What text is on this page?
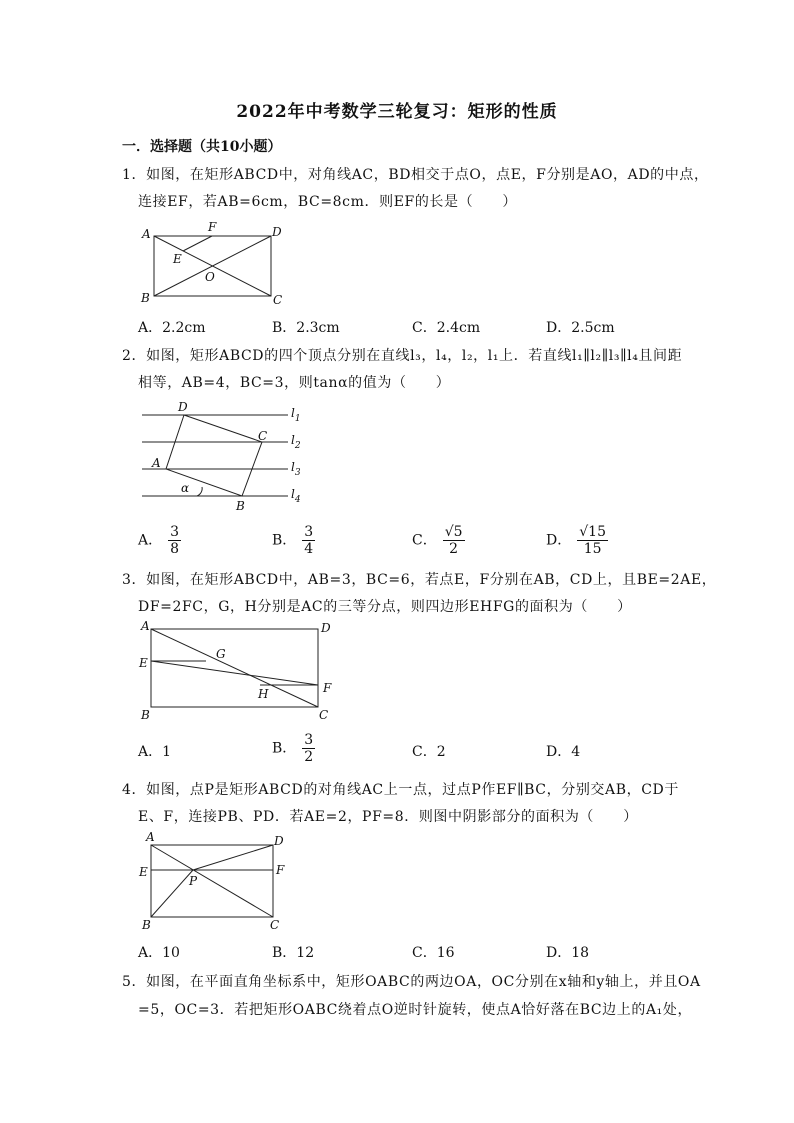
2022年中考数学三轮复习：矩形的性质
一．选择题（共10小题）
1．如图，在矩形ABCD中，对角线AC，BD相交于点O，点E，F分别是AO，AD的中点，
连接EF，若AB=6cm，BC=8cm．则EF的长是（　　）
A	F	D
E
O
B	C
A．2.2cm	B．2.3cm	C．2.4cm	D．2.5cm
2．如图，矩形ABCD的四个顶点分别在直线l₃，l₄，l₂，l₁上．若直线l₁∥l₂∥l₃∥l₄且间距
相等，AB=4，BC=3，则tanα的值为（　　）
D
C
A
α
B
$l_1$
$l_2$
$l_3$
$l_4$
A． $\frac{3}{8}$	B． $\frac{3}{4}$	C． $\frac{√5}{2}$	D． $\frac{√15}{15}$
3．如图，在矩形ABCD中，AB=3，BC=6，若点E，F分别在AB，CD上，且BE=2AE，
DF=2FC，G，H分别是AC的三等分点，则四边形EHFG的面积为（　　）
A	D
E
G
H	F
B	C
A．1	B． $\frac{3}{2}$	C．2	D．4
4．如图，点P是矩形ABCD的对角线AC上一点，过点P作EF∥BC，分别交AB，CD于
E、F，连接PB、PD．若AE=2，PF=8．则图中阴影部分的面积为（　　）
A	D
E	F
P
B	C
A．10	B．12	C．16	D．18
5．如图，在平面直角坐标系中，矩形OABC的两边OA，OC分别在x轴和y轴上，并且OA
=5，OC=3．若把矩形OABC绕着点O逆时针旋转，使点A恰好落在BC边上的A₁处，
